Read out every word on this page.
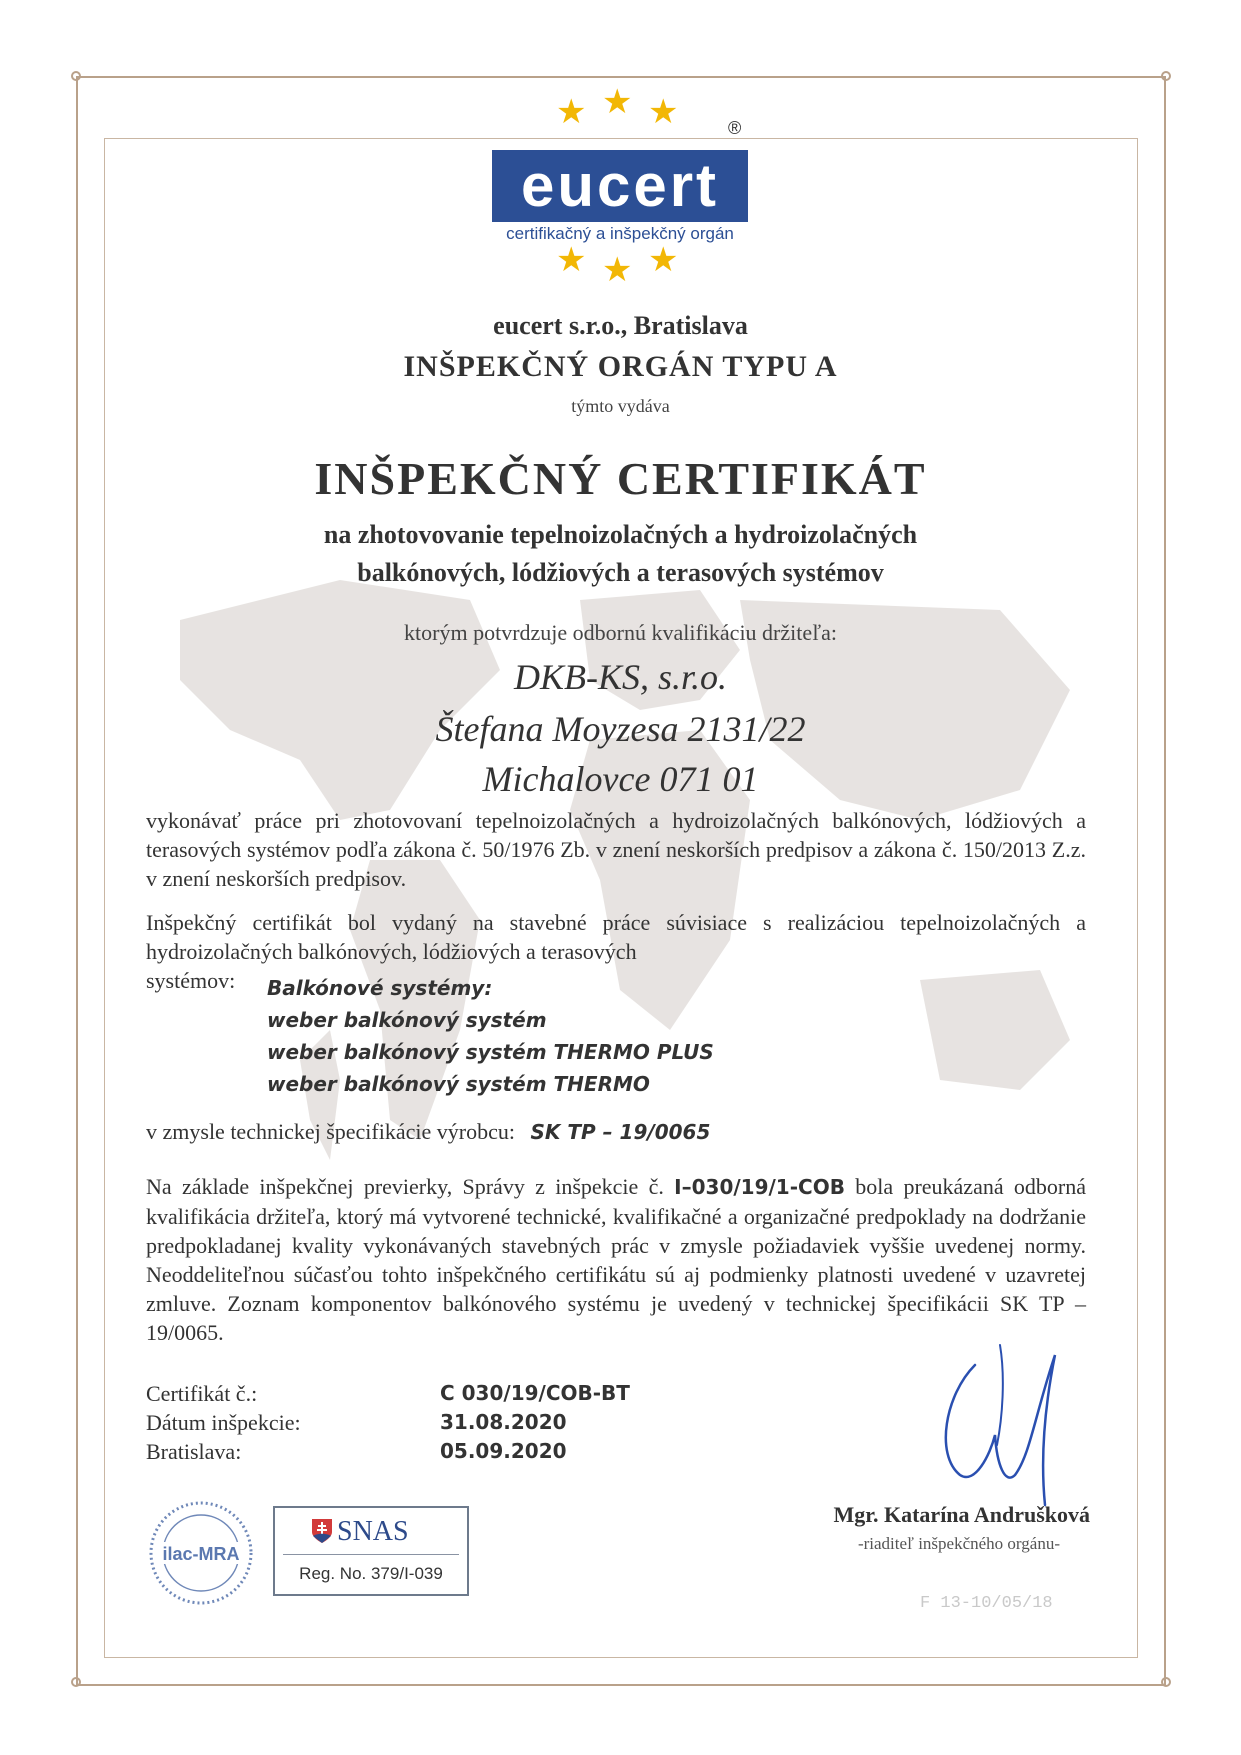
★ ★ ★	®
eucert
certifikačný a inšpekčný orgán
★ ★ ★
eucert s.r.o., Bratislava
INŠPEKČNÝ ORGÁN TYPU A
týmto vydáva
INŠPEKČNÝ CERTIFIKÁT
na zhotovovanie tepelnoizolačných a hydroizolačných
balkónových, lódžiových a terasových systémov
ktorým potvrdzuje odbornú kvalifikáciu držiteľa:
DKB-KS, s.r.o.
Štefana Moyzesa 2131/22
Michalovce 071 01
vykonávať práce pri zhotovovaní tepelnoizolačných a hydroizolačných balkónových, lódžiových a terasových systémov podľa zákona č. 50/1976 Zb. v znení neskorších predpisov a zákona č. 150/2013 Z.z. v znení neskorších predpisov.
Inšpekčný certifikát bol vydaný na stavebné práce súvisiace s realizáciou tepelnoizolačných a hydroizolačných balkónových, lódžiových a terasových
systémov:	Balkónové systémy:
weber balkónový systém
weber balkónový systém THERMO PLUS
weber balkónový systém THERMO
v zmysle technickej špecifikácie výrobcu: SK TP – 19/0065
Na základe inšpekčnej previerky, Správy z inšpekcie č. I–030/19/1-COB bola preukázaná odborná kvalifikácia držiteľa, ktorý má vytvorené technické, kvalifikačné a organizačné predpoklady na dodržanie predpokladanej kvality vykonávaných stavebných prác v zmysle požiadaviek vyššie uvedenej normy. Neoddeliteľnou súčasťou tohto inšpekčného certifikátu sú aj podmienky platnosti uvedené v uzavretej zmluve. Zoznam komponentov balkónového systému je uvedený v technickej špecifikácii SK TP – 19/0065.
Certifikát č.:	C 030/19/COB-BT
Dátum inšpekcie:	31.08.2020
Bratislava:	05.09.2020
Mgr. Katarína Andrušková
-riaditeľ inšpekčného orgánu-
ilac-MRA
SNAS
Reg. No. 379/I-039
F 13-10/05/18
